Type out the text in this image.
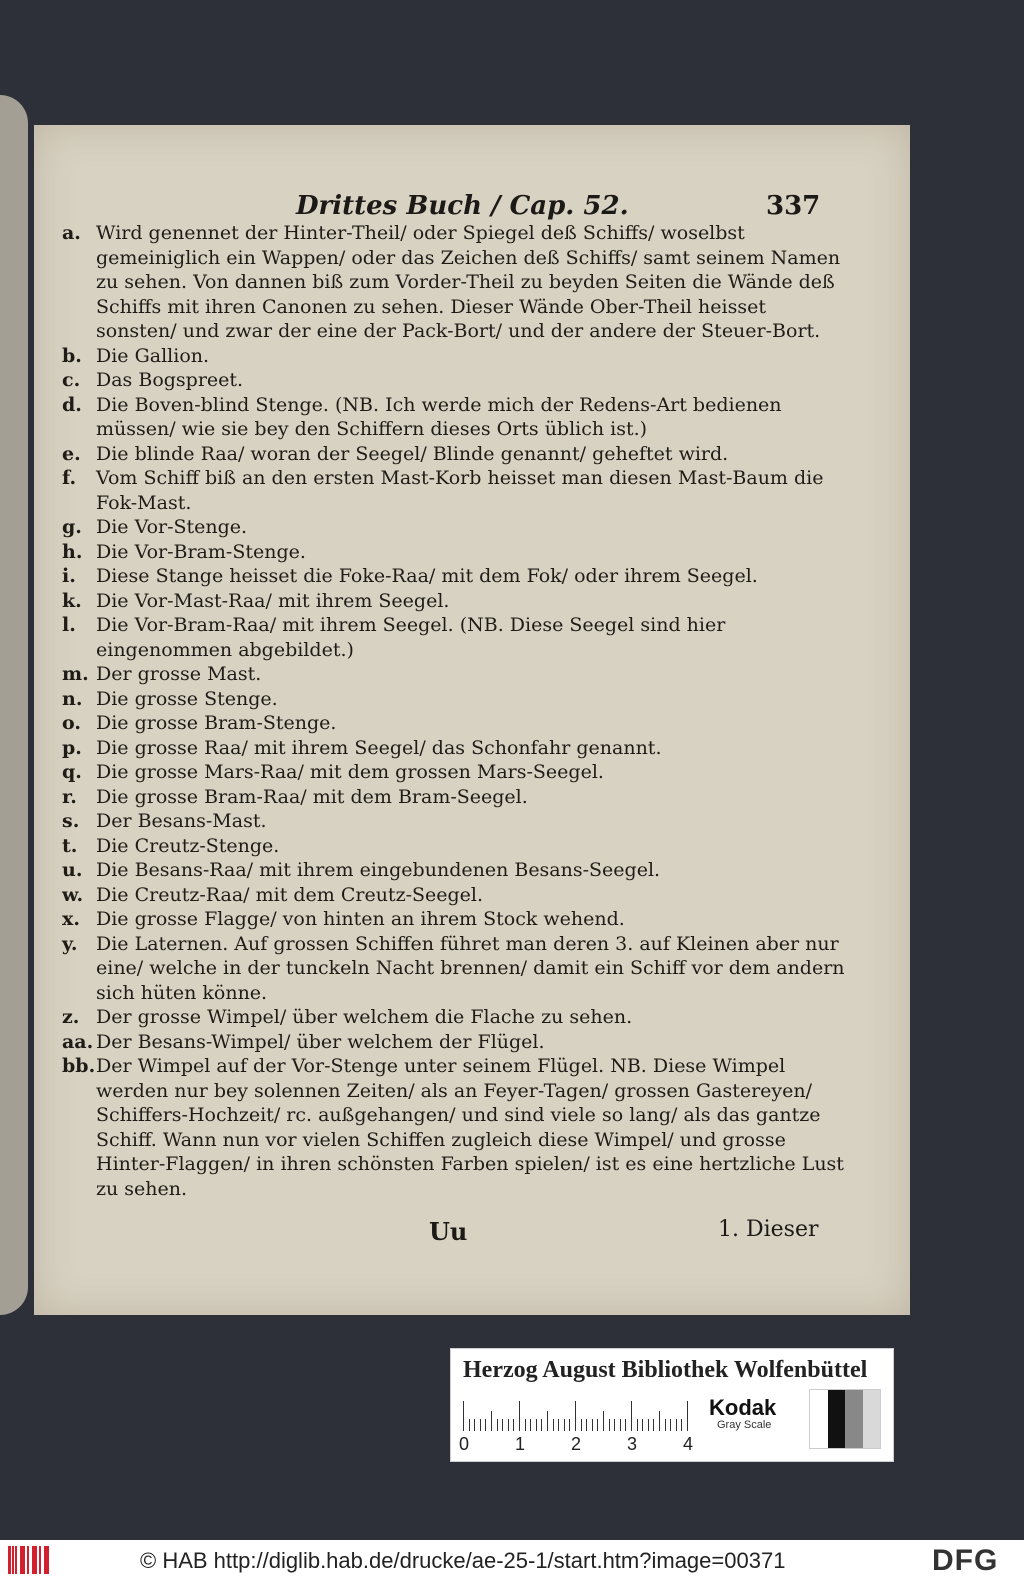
Drittes Buch / Cap. 52.	337
a. Wird genennet der Hinter-Theil/ oder Spiegel deß Schiffs/ woselbst gemeiniglich ein Wappen/ oder das Zeichen deß Schiffs/ samt seinem Namen zu sehen. Von dannen biß zum Vorder-Theil zu beyden Seiten die Wände deß Schiffs mit ihren Canonen zu sehen. Dieser Wände Ober-Theil heisset sonsten/ und zwar der eine der Pack-Bort/ und der andere der Steuer-Bort.
b. Die Gallion.
c. Das Bogspreet.
d. Die Boven-blind Stenge. (NB. Ich werde mich der Redens-Art bedienen müssen/ wie sie bey den Schiffern dieses Orts üblich ist.)
e. Die blinde Raa/ woran der Seegel/ Blinde genannt/ geheftet wird.
f.	Vom Schiff biß an den ersten Mast-Korb heisset man diesen Mast-Baum die Fok-Mast.
g. Die Vor-Stenge.
h. Die Vor-Bram-Stenge.
i.	Diese Stange heisset die Foke-Raa/ mit dem Fok/ oder ihrem Seegel.
k. Die Vor-Mast-Raa/ mit ihrem Seegel.
l.	Die Vor-Bram-Raa/ mit ihrem Seegel. (NB. Diese Seegel sind hier eingenommen abgebildet.)
m. Der grosse Mast.
n. Die grosse Stenge.
o. Die grosse Bram-Stenge.
p. Die grosse Raa/ mit ihrem Seegel/ das Schonfahr genannt.
q. Die grosse Mars-Raa/ mit dem grossen Mars-Seegel.
r.	Die grosse Bram-Raa/ mit dem Bram-Seegel.
s. Der Besans-Mast.
t. Die Creutz-Stenge.
u. Die Besans-Raa/ mit ihrem eingebundenen Besans-Seegel.
w. Die Creutz-Raa/ mit dem Creutz-Seegel.
x. Die grosse Flagge/ von hinten an ihrem Stock wehend.
y. Die Laternen. Auf grossen Schiffen führet man deren 3. auf Kleinen aber nur eine/ welche in der tunckeln Nacht brennen/ damit ein Schiff vor dem andern sich hüten könne.
z. Der grosse Wimpel/ über welchem die Flache zu sehen.
aa. Der Besans-Wimpel/ über welchem der Flügel.
bb. Der Wimpel auf der Vor-Stenge unter seinem Flügel. NB. Diese Wimpel werden nur bey solennen Zeiten/ als an Feyer-Tagen/ grossen Gastereyen/ Schiffers-Hochzeit/ rc. außgehangen/ und sind viele so lang/ als das gantze Schiff. Wann nun vor vielen Schiffen zugleich diese Wimpel/ und grosse Hinter-Flaggen/ in ihren schönsten Farben spielen/ ist es eine hertzliche Lust zu sehen.
Uu	1. Dieser
Herzog August Bibliothek Wolfenbüttel
0	1	2	3	4
Kodak
Gray Scale
© HAB http://diglib.hab.de/drucke/ae-25-1/start.htm?image=00371	DFG
